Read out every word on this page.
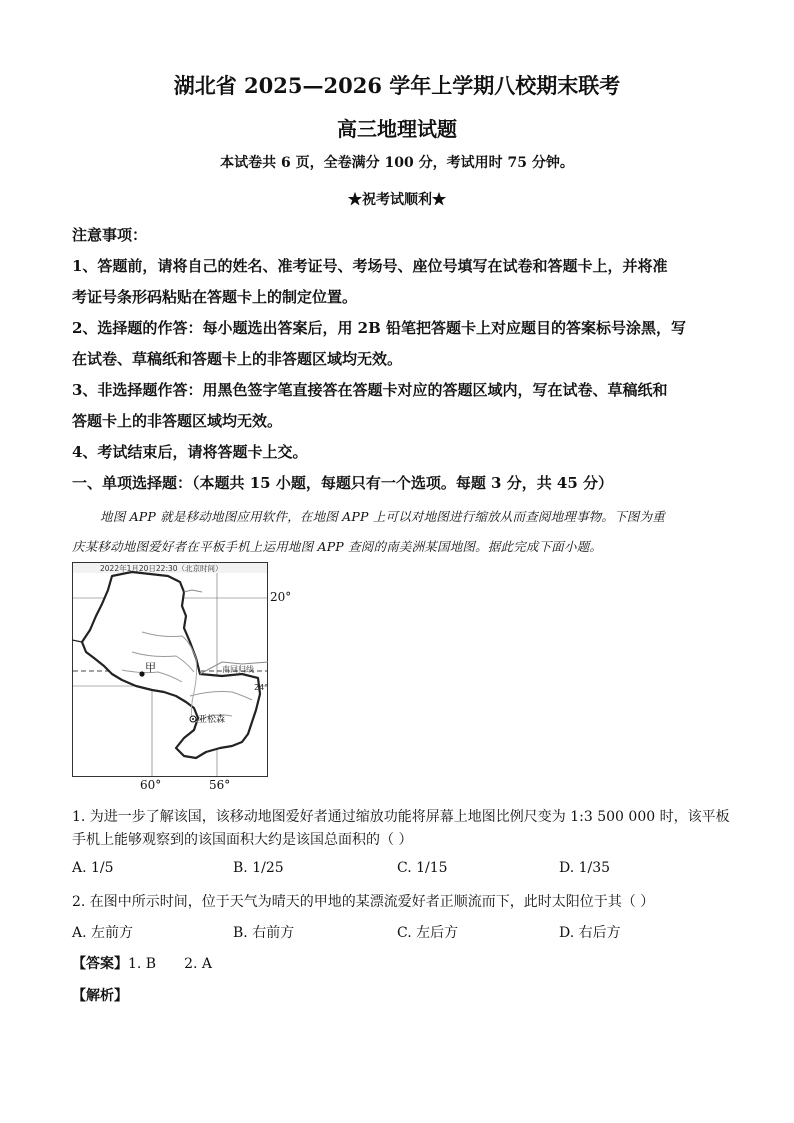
湖北省 2025—2026 学年上学期八校期末联考
高三地理试题
本试卷共 6 页，全卷满分 100 分，考试用时 75 分钟。
★祝考试顺利★
注意事项：
1、答题前，请将自己的姓名、准考证号、考场号、座位号填写在试卷和答题卡上，并将准
考证号条形码粘贴在答题卡上的制定位置。
2、选择题的作答：每小题选出答案后，用 2B 铅笔把答题卡上对应题目的答案标号涂黑，写
在试卷、草稿纸和答题卡上的非答题区域均无效。
3、非选择题作答：用黑色签字笔直接答在答题卡对应的答题区域内，写在试卷、草稿纸和
答题卡上的非答题区域均无效。
4、考试结束后，请将答题卡上交。
一、单项选择题：（本题共 15 小题，每题只有一个选项。每题 3 分，共 45 分）
地图 APP 就是移动地图应用软件，在地图 APP 上可以对地图进行缩放从而查阅地理事物。下图为重
庆某移动地图爱好者在平板手机上运用地图 APP 查阅的南美洲某国地图。据此完成下面小题。
2022年1月20日22:30（北京时间）
甲
亚松森
南回归线
24°
20°
60°	56°
1. 为进一步了解该国，该移动地图爱好者通过缩放功能将屏幕上地图比例尺变为 1:3 500 000 时，该平板
手机上能够观察到的该国面积大约是该国总面积的（ ）
A. 1/5	B. 1/25	C. 1/15	D. 1/35
2. 在图中所示时间，位于天气为晴天的甲地的某漂流爱好者正顺流而下，此时太阳位于其（ ）
A. 左前方	B. 右前方	C. 左后方	D. 右后方
【答案】1. B 2. A
【解析】
